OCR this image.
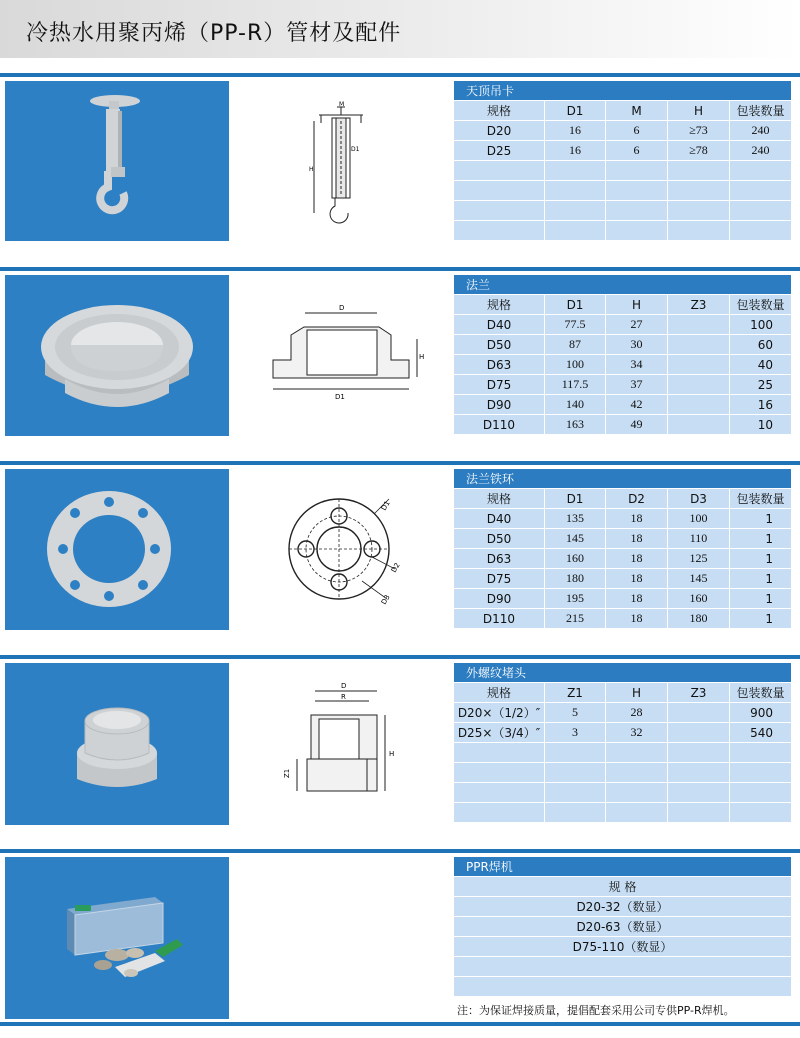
冷热水用聚丙烯（PP-R）管材及配件
M
D1
H
天顶吊卡				
规格	D1	M	H	包装数量
D20	16	6	≥73	240
D25	16	6	≥78	240

D
H
D1
法兰				
规格	D1	H	Z3	包装数量
D40	77.5	27		100
D50	87	30		60
D63	100	34		40
D75	117.5	37		25
D90	140	42		16
D110	163	49		10
D1
D2
D3
法兰铁环				
规格	D1	D2	D3	包装数量
D40	135	18	100	1
D50	145	18	110	1
D63	160	18	125	1
D75	180	18	145	1
D90	195	18	160	1
D110	215	18	180	1
D
R
Z1
H
外螺纹堵头				
规格	Z1	H	Z3	包装数量
D20×（1/2）″	5	28		900
D25×（3/4）″	3	32		540

PPR焊机
规 格
D20-32（数显）
D20-63（数显）
D75-110（数显）

注：为保证焊接质量，提倡配套采用公司专供PP-R焊机。
